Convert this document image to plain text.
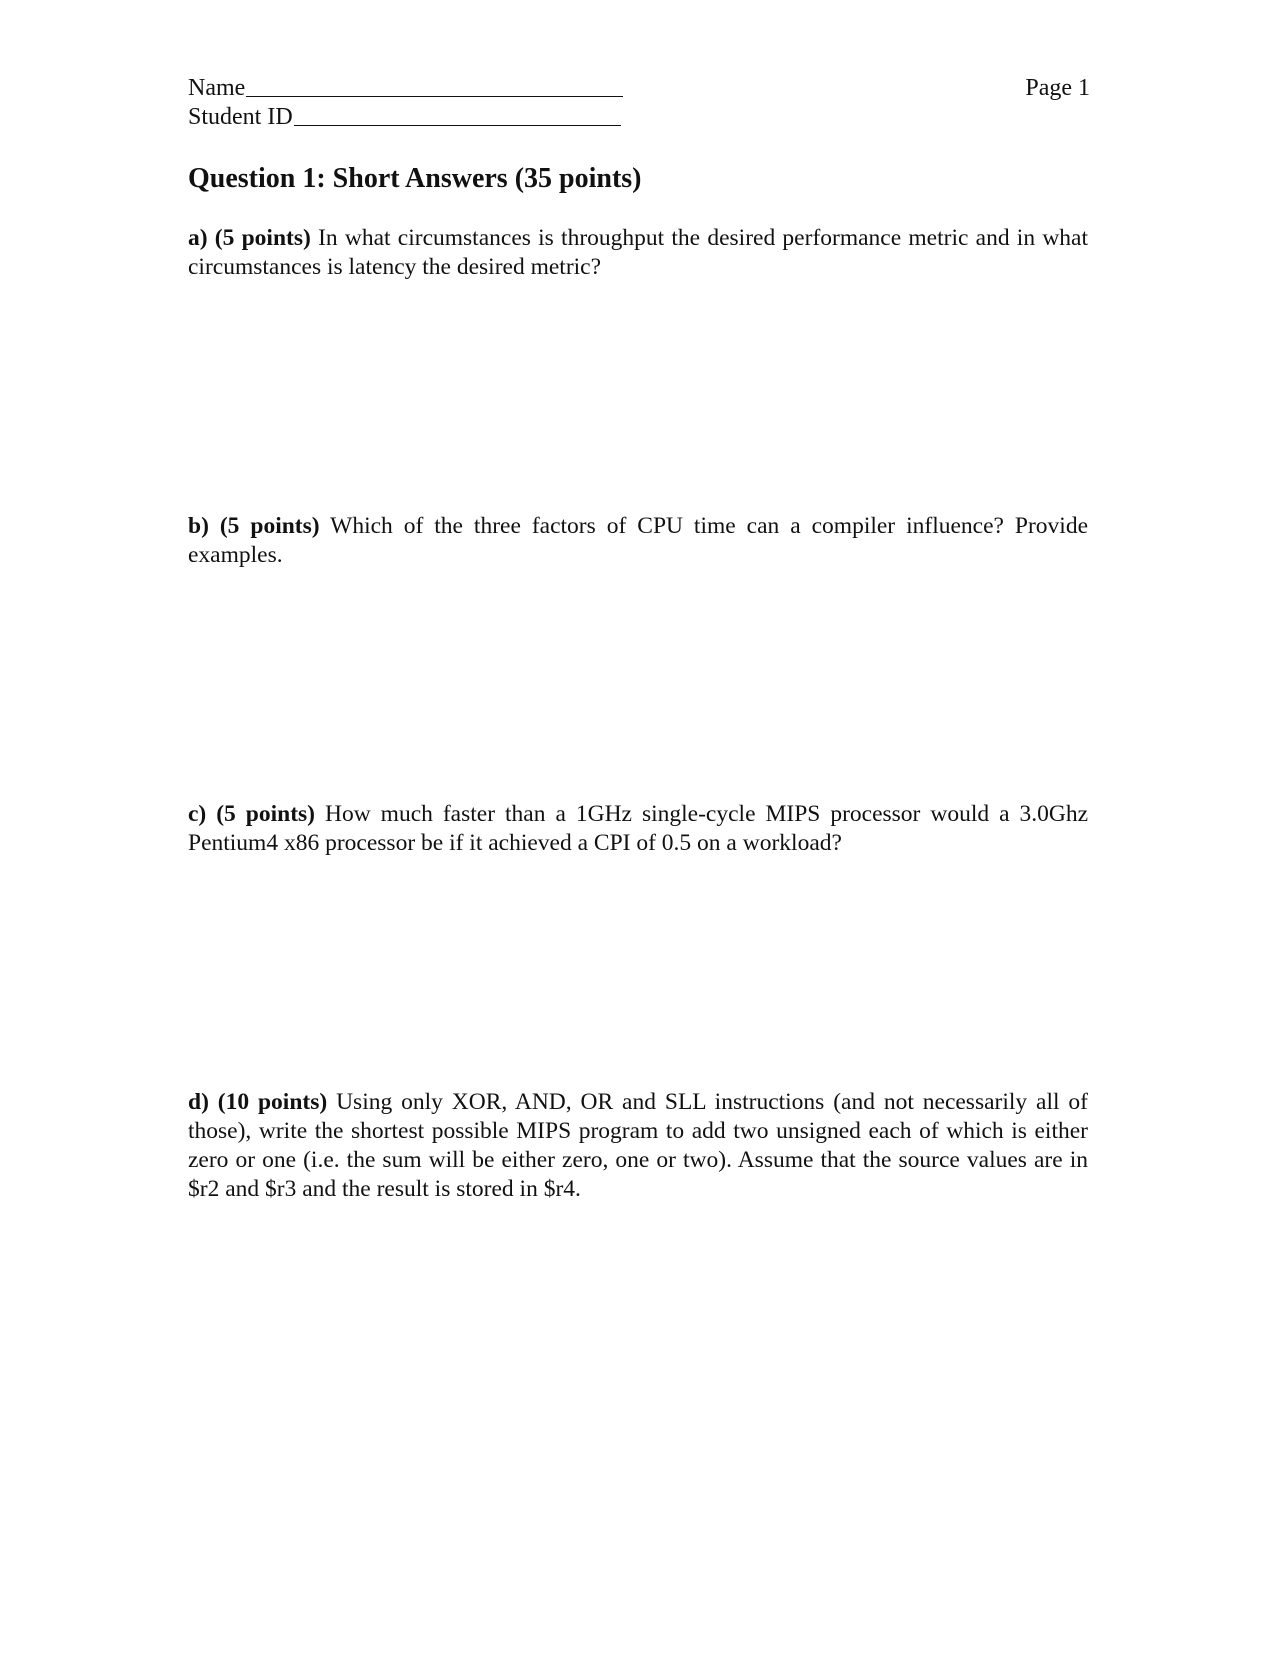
Name
Student ID
Page 1
Question 1: Short Answers (35 points)
a) (5 points) In what circumstances is throughput the desired performance metric and in what circumstances is latency the desired metric?
b) (5 points) Which of the three factors of CPU time can a compiler influence? Provide examples.
c) (5 points) How much faster than a 1GHz single-cycle MIPS processor would a 3.0Ghz Pentium4 x86 processor be if it achieved a CPI of 0.5 on a workload?
d) (10 points) Using only XOR, AND, OR and SLL instructions (and not necessarily all of those), write the shortest possible MIPS program to add two unsigned each of which is either zero or one (i.e. the sum will be either zero, one or two). Assume that the source values are in $r2 and $r3 and the result is stored in $r4.
